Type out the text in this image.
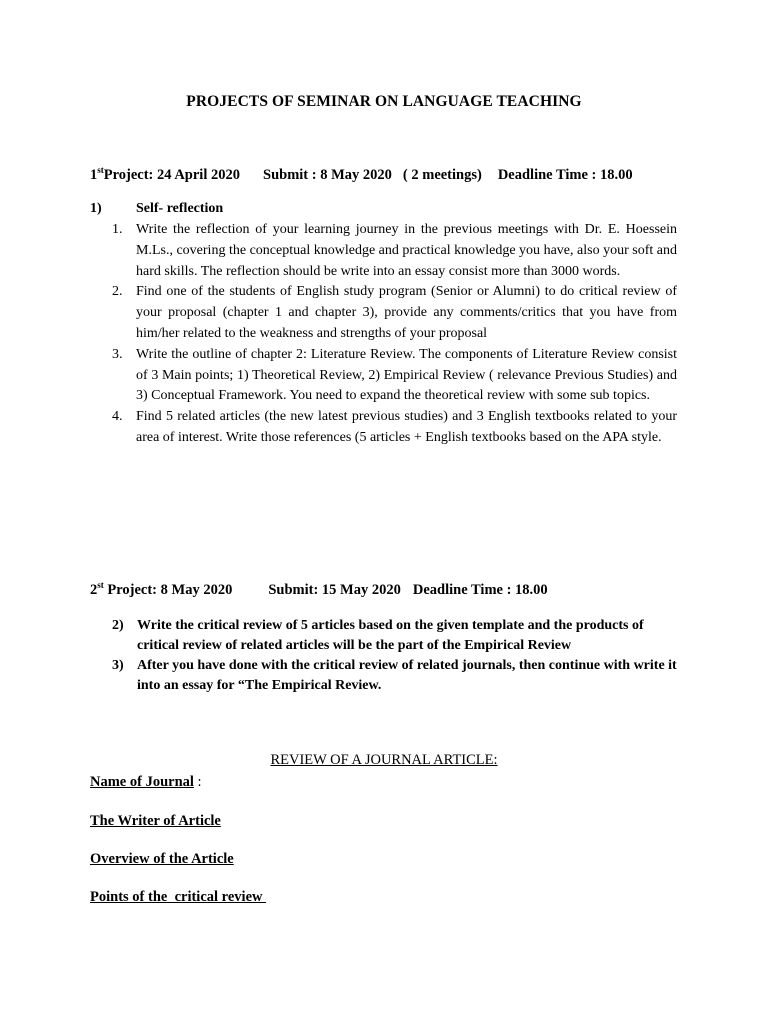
PROJECTS OF SEMINAR ON LANGUAGE TEACHING
1stProject: 24 April 2020 Submit : 8 May 2020 ( 2 meetings) Deadline Time : 18.00
1) Self- reflection
1. Write the reflection of your learning journey in the previous meetings with Dr. E. Hoessein M.Ls., covering the conceptual knowledge and practical knowledge you have, also your soft and hard skills. The reflection should be write into an essay consist more than 3000 words.
2. Find one of the students of English study program (Senior or Alumni) to do critical review of your proposal (chapter 1 and chapter 3), provide any comments/critics that you have from him/her related to the weakness and strengths of your proposal
3. Write the outline of chapter 2: Literature Review. The components of Literature Review consist of 3 Main points; 1) Theoretical Review, 2) Empirical Review ( relevance Previous Studies) and 3) Conceptual Framework. You need to expand the theoretical review with some sub topics.
4. Find 5 related articles (the new latest previous studies) and 3 English textbooks related to your area of interest. Write those references (5 articles + English textbooks based on the APA style.
2st Project: 8 May 2020 Submit: 15 May 2020 Deadline Time : 18.00
2) Write the critical review of 5 articles based on the given template and the products of critical review of related articles will be the part of the Empirical Review
3) After you have done with the critical review of related journals, then continue with write it into an essay for “The Empirical Review.
REVIEW OF A JOURNAL ARTICLE:
Name of Journal :
The Writer of Article
Overview of the Article
Points of the  critical review
